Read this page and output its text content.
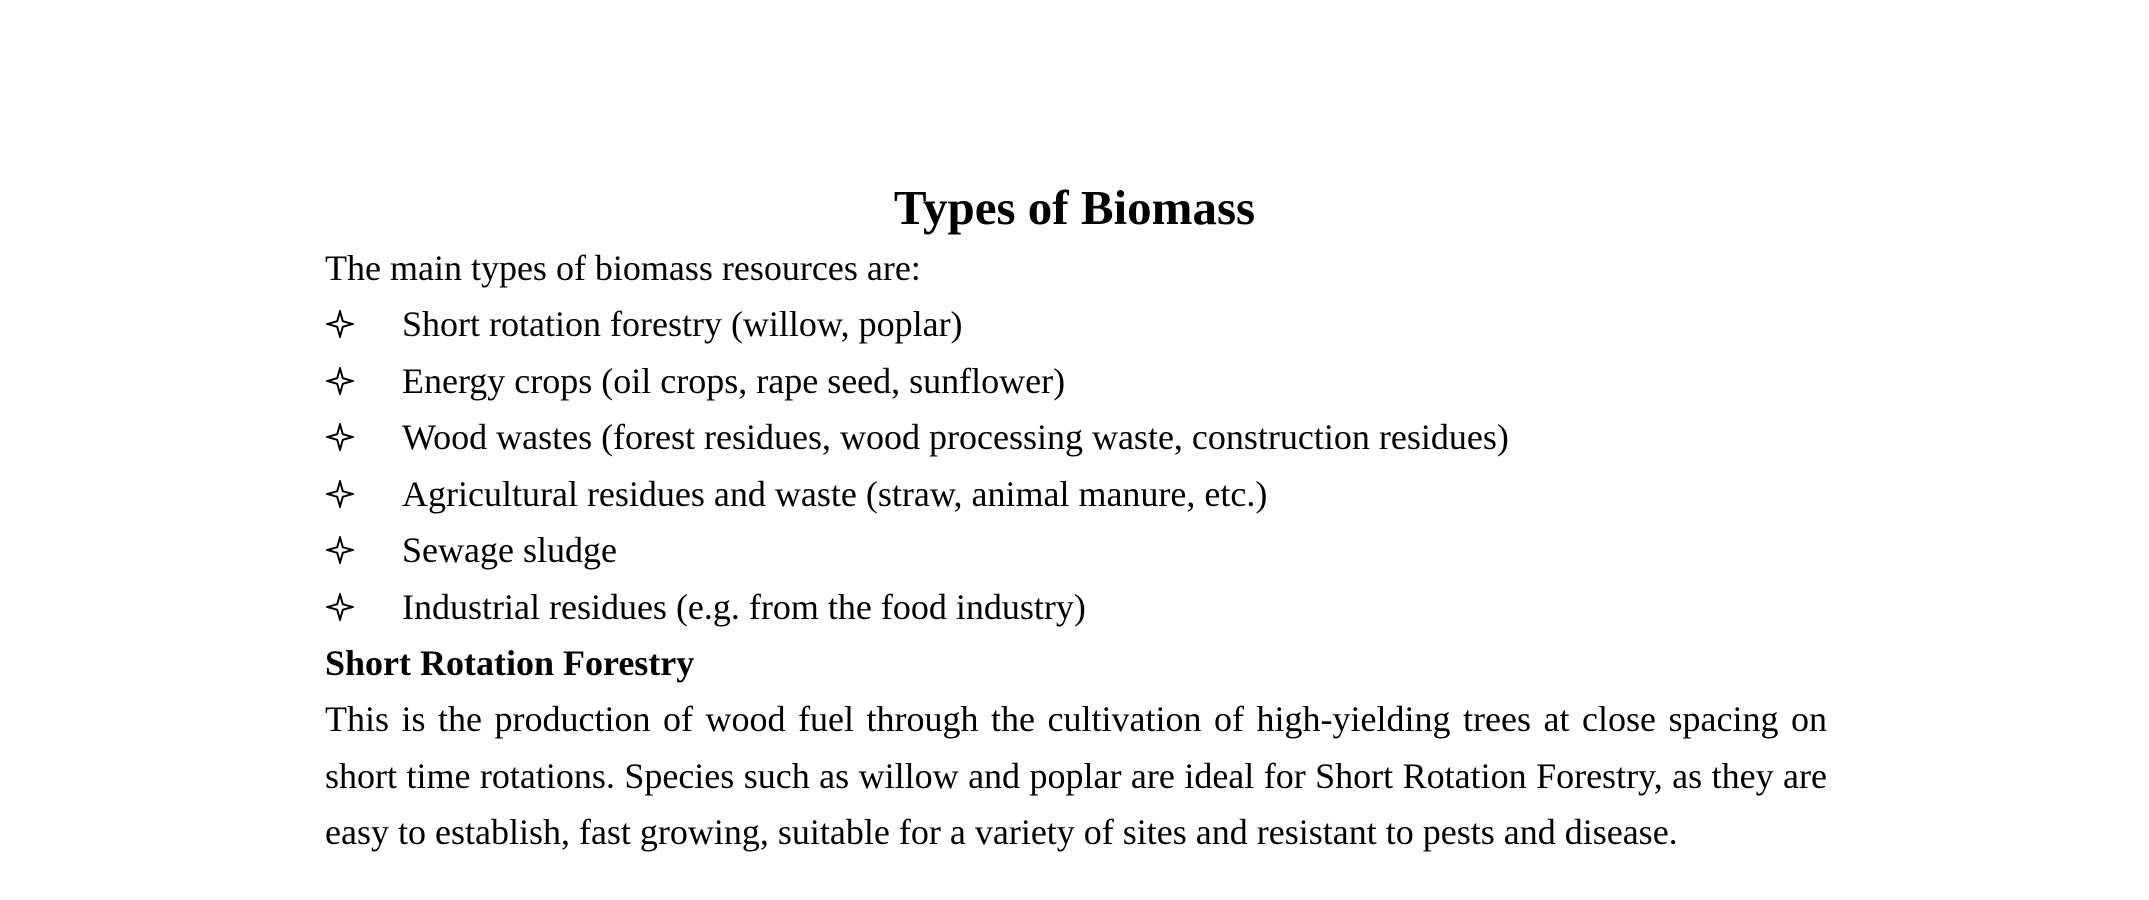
Types of Biomass

The main types of biomass resources are:

Short rotation forestry (willow, poplar)
Energy crops (oil crops, rape seed, sunflower)
Wood wastes (forest residues, wood processing waste, construction residues)
Agricultural residues and waste (straw, animal manure, etc.)
Sewage sludge
Industrial residues (e.g. from the food industry)
Short Rotation Forestry

This is the production of wood fuel through the cultivation of high-yielding trees at close spacing on short time rotations. Species such as willow and poplar are ideal for Short Rotation Forestry, as they are easy to establish, fast growing, suitable for a variety of sites and resistant to pests and disease.
